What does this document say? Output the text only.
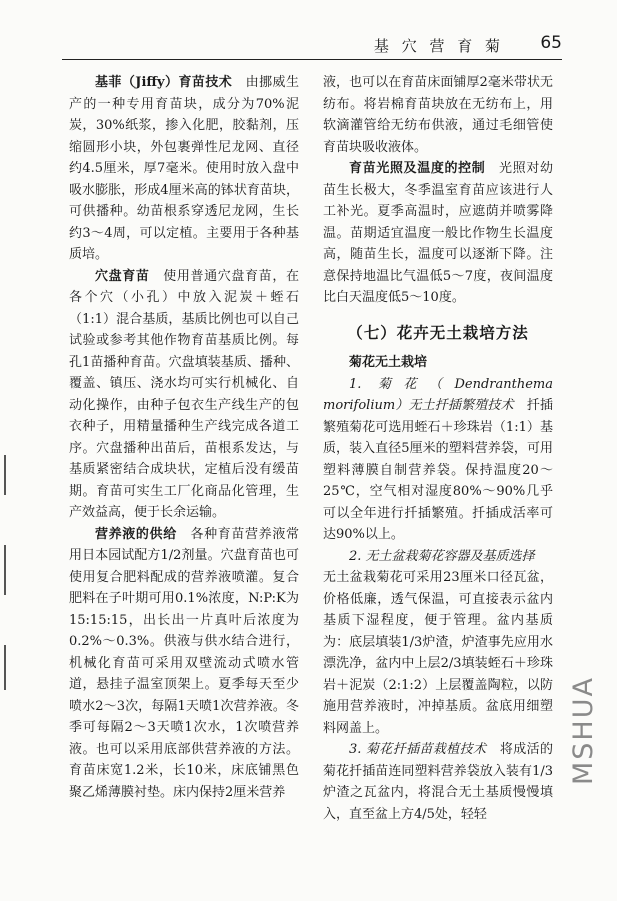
基 穴 营 育 菊 65

基菲（Jiffy）育苗技术　 由挪威生产的一种专用育苗块，成分为70%泥炭，30%纸浆，掺入化肥，胶黏剂，压缩圆形小块，外包裹弹性尼龙网、直径约4.5厘米，厚7毫米。使用时放入盘中吸水膨胀，形成4厘米高的钵状育苗块，可供播种。幼苗根系穿透尼龙网，生长约3～4周，可以定植。主要用于各种基质培。

穴盘育苗　 使用普通穴盘育苗，在各个穴（小孔）中放入泥炭＋蛭石（1:1）混合基质，基质比例也可以自己试验或参考其他作物育苗基质比例。每孔1苗播种育苗。穴盘填装基质、播种、覆盖、镇压、浇水均可实行机械化、自动化操作，由种子包衣生产线生产的包衣种子，用精量播种生产线完成各道工序。穴盘播种出苗后，苗根系发达，与基质紧密结合成块状，定植后没有缓苗期。育苗可实生工厂化商品化管理，生产效益高，便于长余运输。

营养液的供给　 各种育苗营养液常用日本园试配方1/2剂量。穴盘育苗也可使用复合肥料配成的营养液喷灌。复合肥料在子叶期可用0.1%浓度，N:P:K为15:15:15，出长出一片真叶后浓度为0.2%～0.3%。供液与供水结合进行，机械化育苗可采用双壁流动式喷水管道，悬挂子温室顶架上。夏季每天至少喷水2～3次，每隔1天喷1次营养液。冬季可每隔2～3天喷1次水，1次喷营养液。也可以采用底部供营养液的方法。育苗床宽1.2米，长10米，床底铺黑色聚乙烯薄膜衬垫。床内保持2厘米营养

液，也可以在育苗床面铺厚2毫米带状无纺布。将岩棉育苗块放在无纺布上，用软滴灌管给无纺布供液，通过毛细管使育苗块吸收液体。

育苗光照及温度的控制　 光照对幼苗生长极大，冬季温室育苗应该进行人工补光。夏季高温时，应遮荫并喷雾降温。苗期适宜温度一般比作物生长温度高，随苗生长，温度可以逐渐下降。注意保持地温比气温低5～7度，夜间温度比白天温度低5～10度。

（七）花卉无土栽培方法

菊花无土栽培

1. 菊花（Dendranthema morifolium）无土扦插繁殖技术　 扦插繁殖菊花可选用蛭石＋珍珠岩（1:1）基质，装入直径5厘米的塑料营养袋，可用塑料薄膜自制营养袋。保持温度20～25℃，空气相对湿度80%～90%几乎可以全年进行扦插繁殖。扦插成活率可达90%以上。

2. 无土盆栽菊花容器及基质选择

无土盆栽菊花可采用23厘米口径瓦盆，价格低廉，透气保温，可直接表示盆内基质下湿程度，便于管理。盆内基质为：底层填装1/3炉渣，炉渣事先应用水漂洗净，盆内中上层2/3填装蛭石＋珍珠岩＋泥炭（2:1:2）上层覆盖陶粒，以防施用营养液时，冲掉基质。盆底用细塑料网盖上。

3. 菊花扦插苗栽植技术　 将成活的菊花扦插苗连同塑料营养袋放入装有1/3炉渣之瓦盆内，将混合无土基质慢慢填入，直至盆上方4/5处，轻轻

MSHUA
